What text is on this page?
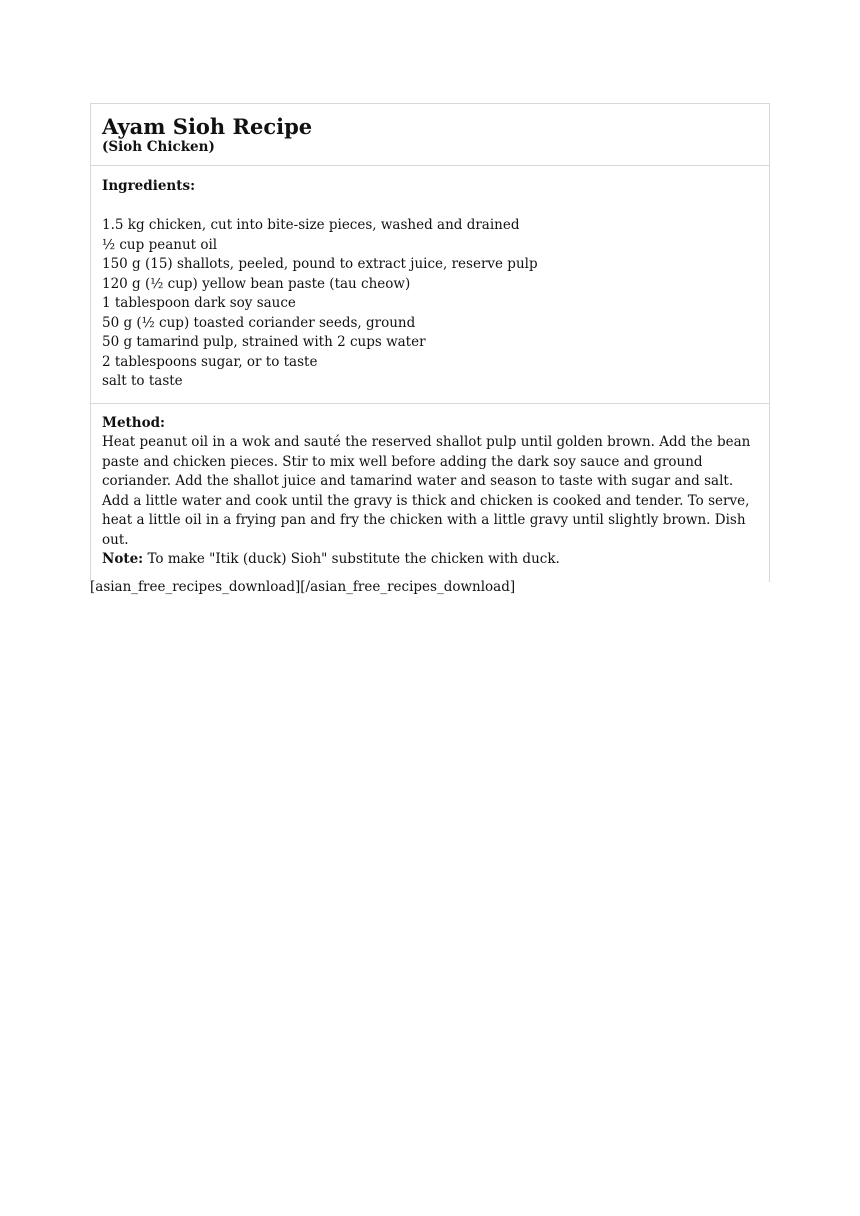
Ayam Sioh Recipe
(Sioh Chicken)
Ingredients:
1.5 kg chicken, cut into bite-size pieces, washed and drained
½ cup peanut oil
150 g (15) shallots, peeled, pound to extract juice, reserve pulp
120 g (½ cup) yellow bean paste (tau cheow)
1 tablespoon dark soy sauce
50 g (½ cup) toasted coriander seeds, ground
50 g tamarind pulp, strained with 2 cups water
2 tablespoons sugar, or to taste
salt to taste
Method:

Heat peanut oil in a wok and sauté the reserved shallot pulp until golden brown. Add the bean paste and chicken pieces. Stir to mix well before adding the dark soy sauce and ground coriander. Add the shallot juice and tamarind water and season to taste with sugar and salt. Add a little water and cook until the gravy is thick and chicken is cooked and tender. To serve, heat a little oil in a frying pan and fry the chicken with a little gravy until slightly brown. Dish out.

Note: To make "Itik (duck) Sioh" substitute the chicken with duck.

[asian_free_recipes_download][/asian_free_recipes_download]
